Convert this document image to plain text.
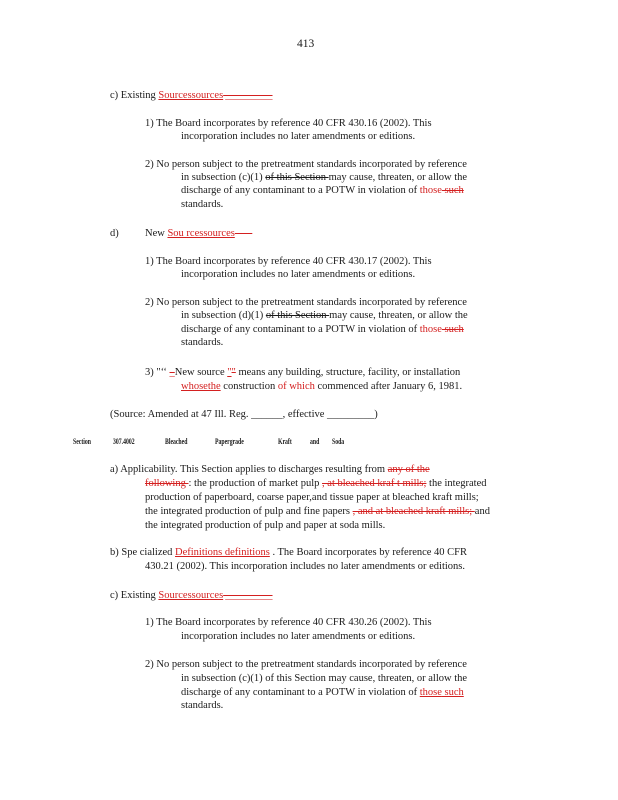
413
c) Existing Sourcessources _________
1) The Board incorporates by reference 40 CFR 430.16 (2002). This
incorporation includes no later amendments or editions.
2) No person subject to the pretreatment standards incorporated by reference
in subsection (c)(1) of this Section may cause, threaten, or allow the
discharge of any contaminant to a POTW in violation of those such
standards.
d)	New Sou rcessources-----
1) The Board incorporates by reference 40 CFR 430.17 (2002). This
incorporation includes no later amendments or editions.
2) No person subject to the pretreatment standards incorporated by reference
in subsection (d)(1) of this Section may cause, threaten, or allow the
discharge of any contaminant to a POTW in violation of those such
standards.
3) "‘‘ _New source "" means any building, structure, facility, or installation
whosethe construction of which commenced after January 6, 1981.
(Source: Amended at 47 Ill. Reg. ______, effective _________)
Section	307.4002	Bleached	Papergrade	Kraft and Soda
a) Applicability. This Section applies to discharges resulting from any of the
following : the production of market pulp , at bleached kraf t mills; the integrated
production of paperboard, coarse paper,and tissue paper at bleached kraft mills;
the integrated production of pulp and fine papers , and at bleached kraft mills; and
the integrated production of pulp and paper at soda mills.
b) Spe cialized Definitions definitions . The Board incorporates by reference 40 CFR
430.21 (2002). This incorporation includes no later amendments or editions.
c) Existing Sourcessources _________
1) The Board incorporates by reference 40 CFR 430.26 (2002). This
incorporation includes no later amendments or editions.
2) No person subject to the pretreatment standards incorporated by reference
in subsection (c)(1) of this Section may cause, threaten, or allow the
discharge of any contaminant to a POTW in violation of those such
standards.
